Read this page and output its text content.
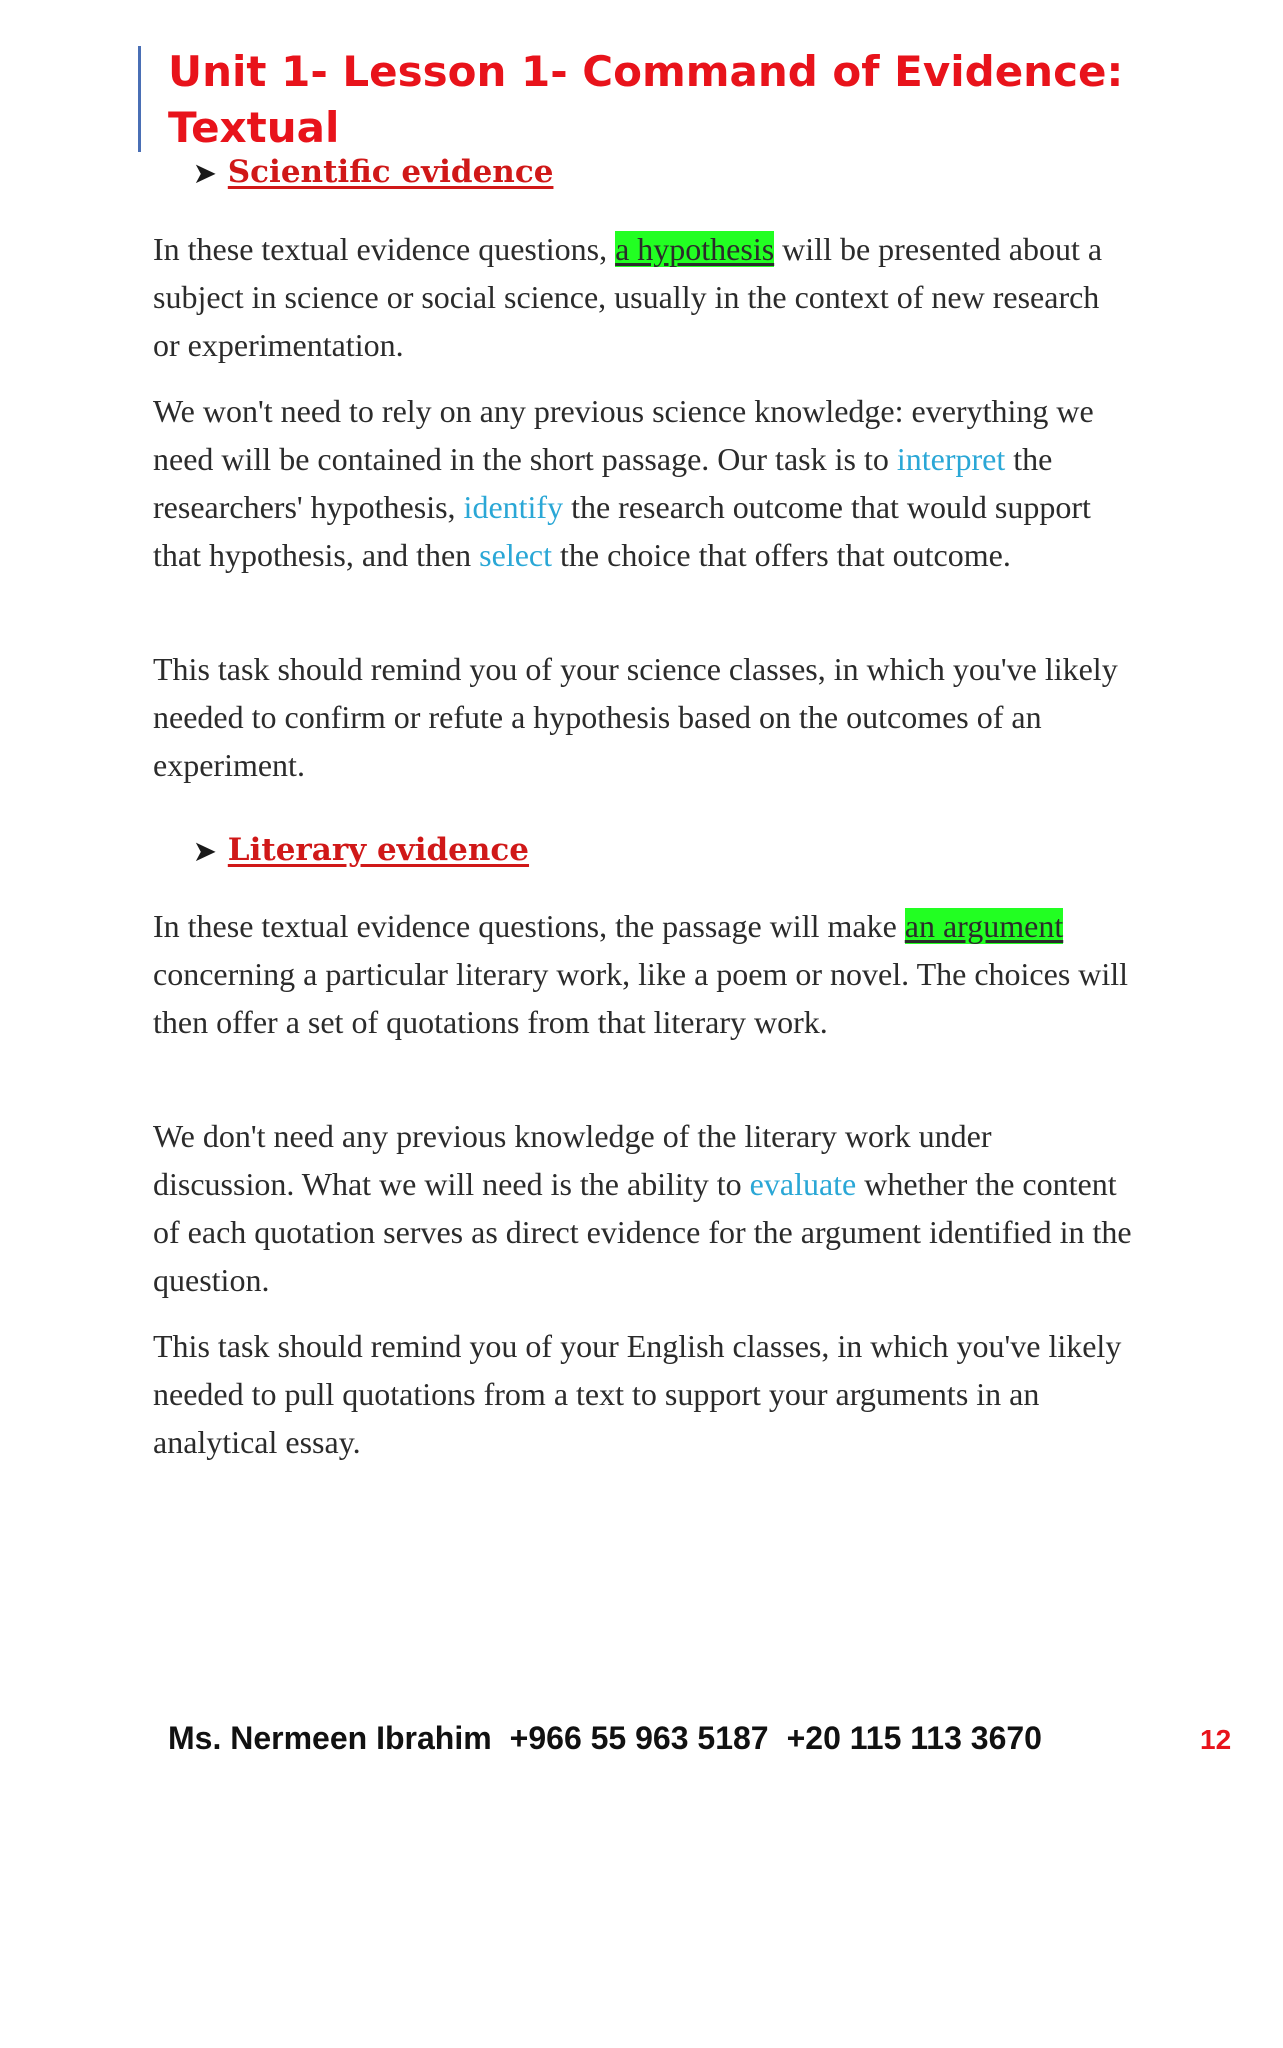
Unit 1- Lesson 1- Command of Evidence: Textual
➤ Scientific evidence

In these textual evidence questions, a hypothesis will be presented about a subject in science or social science, usually in the context of new research or experimentation.

We won't need to rely on any previous science knowledge: everything we need will be contained in the short passage. Our task is to interpret the researchers' hypothesis, identify the research outcome that would support that hypothesis, and then select the choice that offers that outcome.

This task should remind you of your science classes, in which you've likely needed to confirm or refute a hypothesis based on the outcomes of an experiment.

➤ Literary evidence

In these textual evidence questions, the passage will make an argument concerning a particular literary work, like a poem or novel. The choices will then offer a set of quotations from that literary work.

We don't need any previous knowledge of the literary work under discussion. What we will need is the ability to evaluate whether the content of each quotation serves as direct evidence for the argument identified in the question.

This task should remind you of your English classes, in which you've likely needed to pull quotations from a text to support your arguments in an analytical essay.

Ms. Nermeen Ibrahim +966 55 963 5187 +20 115 113 3670	12
